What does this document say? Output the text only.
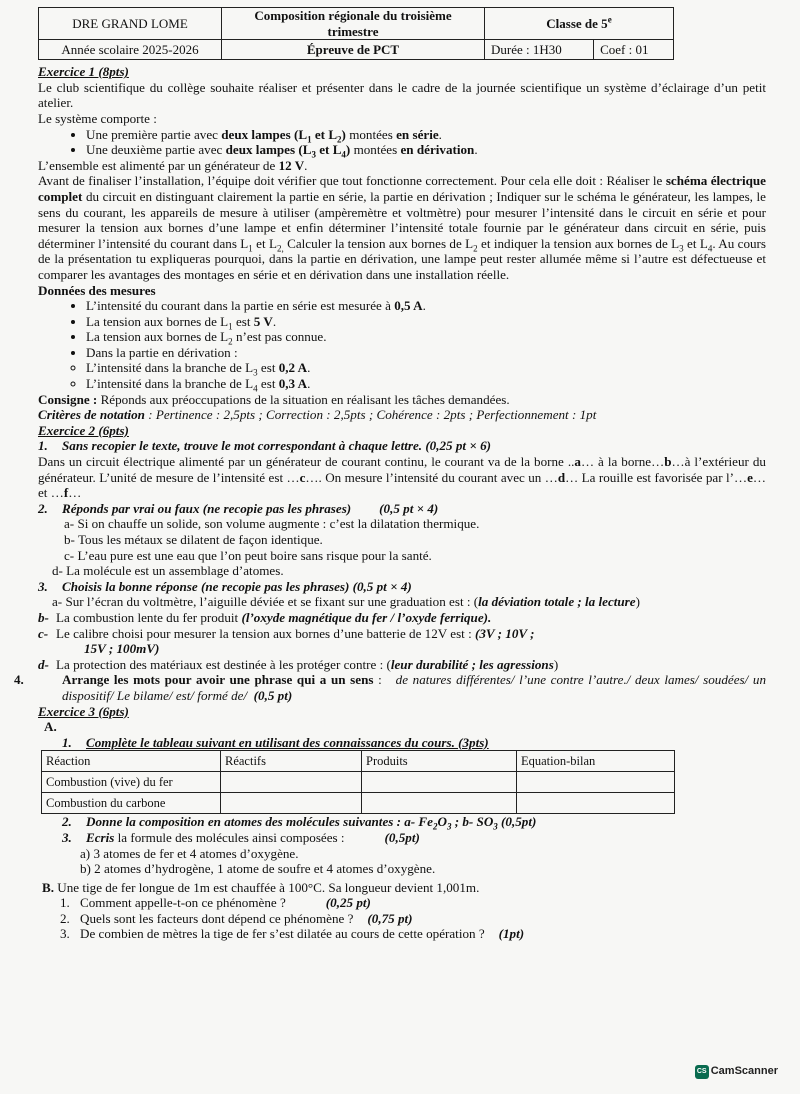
DRE GRAND LOME	Composition régionale du troisième trimestre	Classe de 5e
Année scolaire 2025-2026	Épreuve de PCT	Durée : 1H30	Coef : 01

Exercice 1 (8pts)

Le club scientifique du collège souhaite réaliser et présenter dans le cadre de la journée scientifique un système d’éclairage d’un petit atelier.

Le système comporte :

• Une première partie avec deux lampes ($L_1$ et $L_2$) montées en série.
• Une deuxième partie avec deux lampes ($L_3$ et $L_4$) montées en dérivation.

L’ensemble est alimenté par un générateur de 12 V.

Avant de finaliser l’installation, l’équipe doit vérifier que tout fonctionne correctement. Pour cela elle doit : Réaliser le schéma électrique complet du circuit en distinguant clairement la partie en série, la partie en dérivation ; Indiquer sur le schéma le générateur, les lampes, le sens du courant, les appareils de mesure à utiliser (ampèremètre et voltmètre) pour mesurer l’intensité dans le circuit en série et pour mesurer la tension aux bornes d’une lampe et enfin déterminer l’intensité totale fournie par le générateur dans circuit en série, puis déterminer l’intensité du courant dans $L_1$ et $L_{2,}$ Calculer la tension aux bornes de $L_2$ et indiquer la tension aux bornes de $L_3$ et $L_4$. Au cours de la présentation tu expliqueras pourquoi, dans la partie en dérivation, une lampe peut rester allumée même si l’autre est défectueuse et comparer les avantages des montages en série et en dérivation dans une installation réelle.

Données des mesures

• L’intensité du courant dans la partie en série est mesurée à 0,5 A.
• La tension aux bornes de $L_1$ est 5 V.
• La tension aux bornes de $L_2$ n’est pas connue.
• Dans la partie en dérivation :
◦ L’intensité dans la branche de $L_3$ est 0,2 A.
◦ L’intensité dans la branche de $L_4$ est 0,3 A.

Consigne : Réponds aux préoccupations de la situation en réalisant les tâches demandées.

Critères de notation : Pertinence : 2,5pts ; Correction : 2,5pts ; Cohérence : 2pts ; Perfectionnement : 1pt

Exercice 2 (6pts)

1. Sans recopier le texte, trouve le mot correspondant à chaque lettre. (0,25 pt × 6)

Dans un circuit électrique alimenté par un générateur de courant continu, le courant va de la borne ..a… à la borne…b…à l’extérieur du générateur. L’unité de mesure de l’intensité est …c…. On mesure l’intensité du courant avec un …d… La rouille est favorisée par l’…e… et …f…

2. Réponds par vrai ou faux (ne recopie pas les phrases) (0,5 pt × 4)

a- Si on chauffe un solide, son volume augmente : c’est la dilatation thermique.

b- Tous les métaux se dilatent de façon identique.

c- L’eau pure est une eau que l’on peut boire sans risque pour la santé.

d- La molécule est un assemblage d’atomes.

3. Choisis la bonne réponse (ne recopie pas les phrases) (0,5 pt × 4)

a- Sur l’écran du voltmètre, l’aiguille déviée et se fixant sur une graduation est : (la déviation totale ; la lecture)

b- La combustion lente du fer produit (l’oxyde magnétique du fer / l’oxyde ferrique).

c- Le calibre choisi pour mesurer la tension aux bornes d’une batterie de 12V est : (3V ; 10V ;

15V ; 100mV)

d- La protection des matériaux est destinée à les protéger contre : (leur durabilité ; les agressions)

4.	Arrange les mots pour avoir une phrase qui a un sens : de natures différentes/ l’une contre l’autre./ deux lames/ soudées/ un dispositif/ Le bilame/ est/ formé de/ (0,5 pt)

Exercice 3 (6pts)

A.

1. Complète le tableau suivant en utilisant des connaissances du cours. (3pts)

Réaction	Réactifs	Produits	Equation-bilan
Combustion (vive) du fer			
Combustion du carbone			

2. Donne la composition en atomes des molécules suivantes : a- $Fe_2O_3$ ; b- $SO_3$ (0,5pt)

3. Ecris la formule des molécules ainsi composées :	(0,5pt)

a) 3 atomes de fer et 4 atomes d’oxygène.

b) 2 atomes d’hydrogène, 1 atome de soufre et 4 atomes d’oxygène.

B. Une tige de fer longue de 1m est chauffée à 100°C. Sa longueur devient 1,001m.

1. Comment appelle-t-on ce phénomène ?	(0,25 pt)

2. Quels sont les facteurs dont dépend ce phénomène ? (0,75 pt)

3. De combien de mètres la tige de fer s’est dilatée au cours de cette opération ? (1pt)

CS CamScanner
